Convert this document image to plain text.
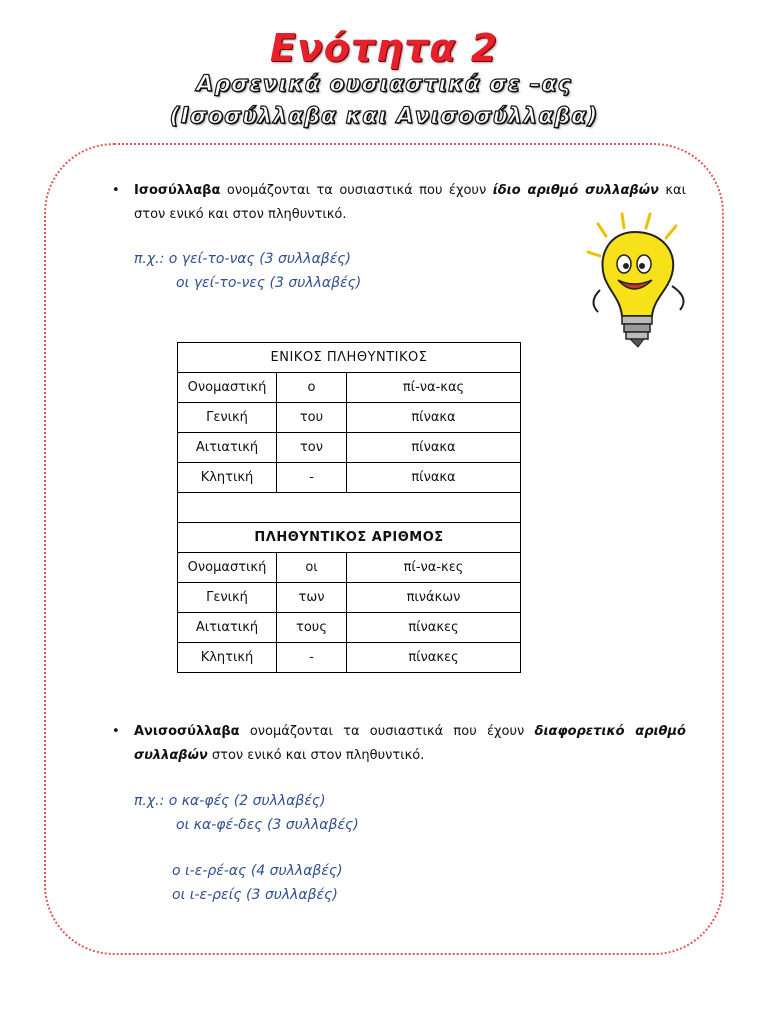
Ενότητα 2
Αρσενικά ουσιαστικά σε –ας
(Ισοσύλλαβα και Ανισοσύλλαβα)
• Ισοσύλλαβα ονομάζονται τα ουσιαστικά που έχουν ίδιο αριθμό συλλαβών και στον ενικό και στον πληθυντικό.
π.χ.: ο γεί-το-νας (3 συλλαβές)
οι γεί-το-νες (3 συλλαβές)
ΕΝΙΚΟΣ ΠΛΗΘΥΝΤΙΚΟΣ		
Ονομαστική	ο	πί-να-κας
Γενική	του	πίνακα
Αιτιατική	τον	πίνακα
Κλητική	-	πίνακα

ΠΛΗΘΥΝΤΙΚΟΣ ΑΡΙΘΜΟΣ		
Ονομαστική	οι	πί-να-κες
Γενική	των	πινάκων
Αιτιατική	τους	πίνακες
Κλητική	-	πίνακες
• Ανισοσύλλαβα ονομάζονται τα ουσιαστικά που έχουν διαφορετικό αριθμό συλλαβών στον ενικό και στον πληθυντικό.
π.χ.: ο κα-φές (2 συλλαβές)
οι κα-φέ-δες (3 συλλαβές)
ο ι-ε-ρέ-ας (4 συλλαβές)
οι ι-ε-ρείς (3 συλλαβές)
